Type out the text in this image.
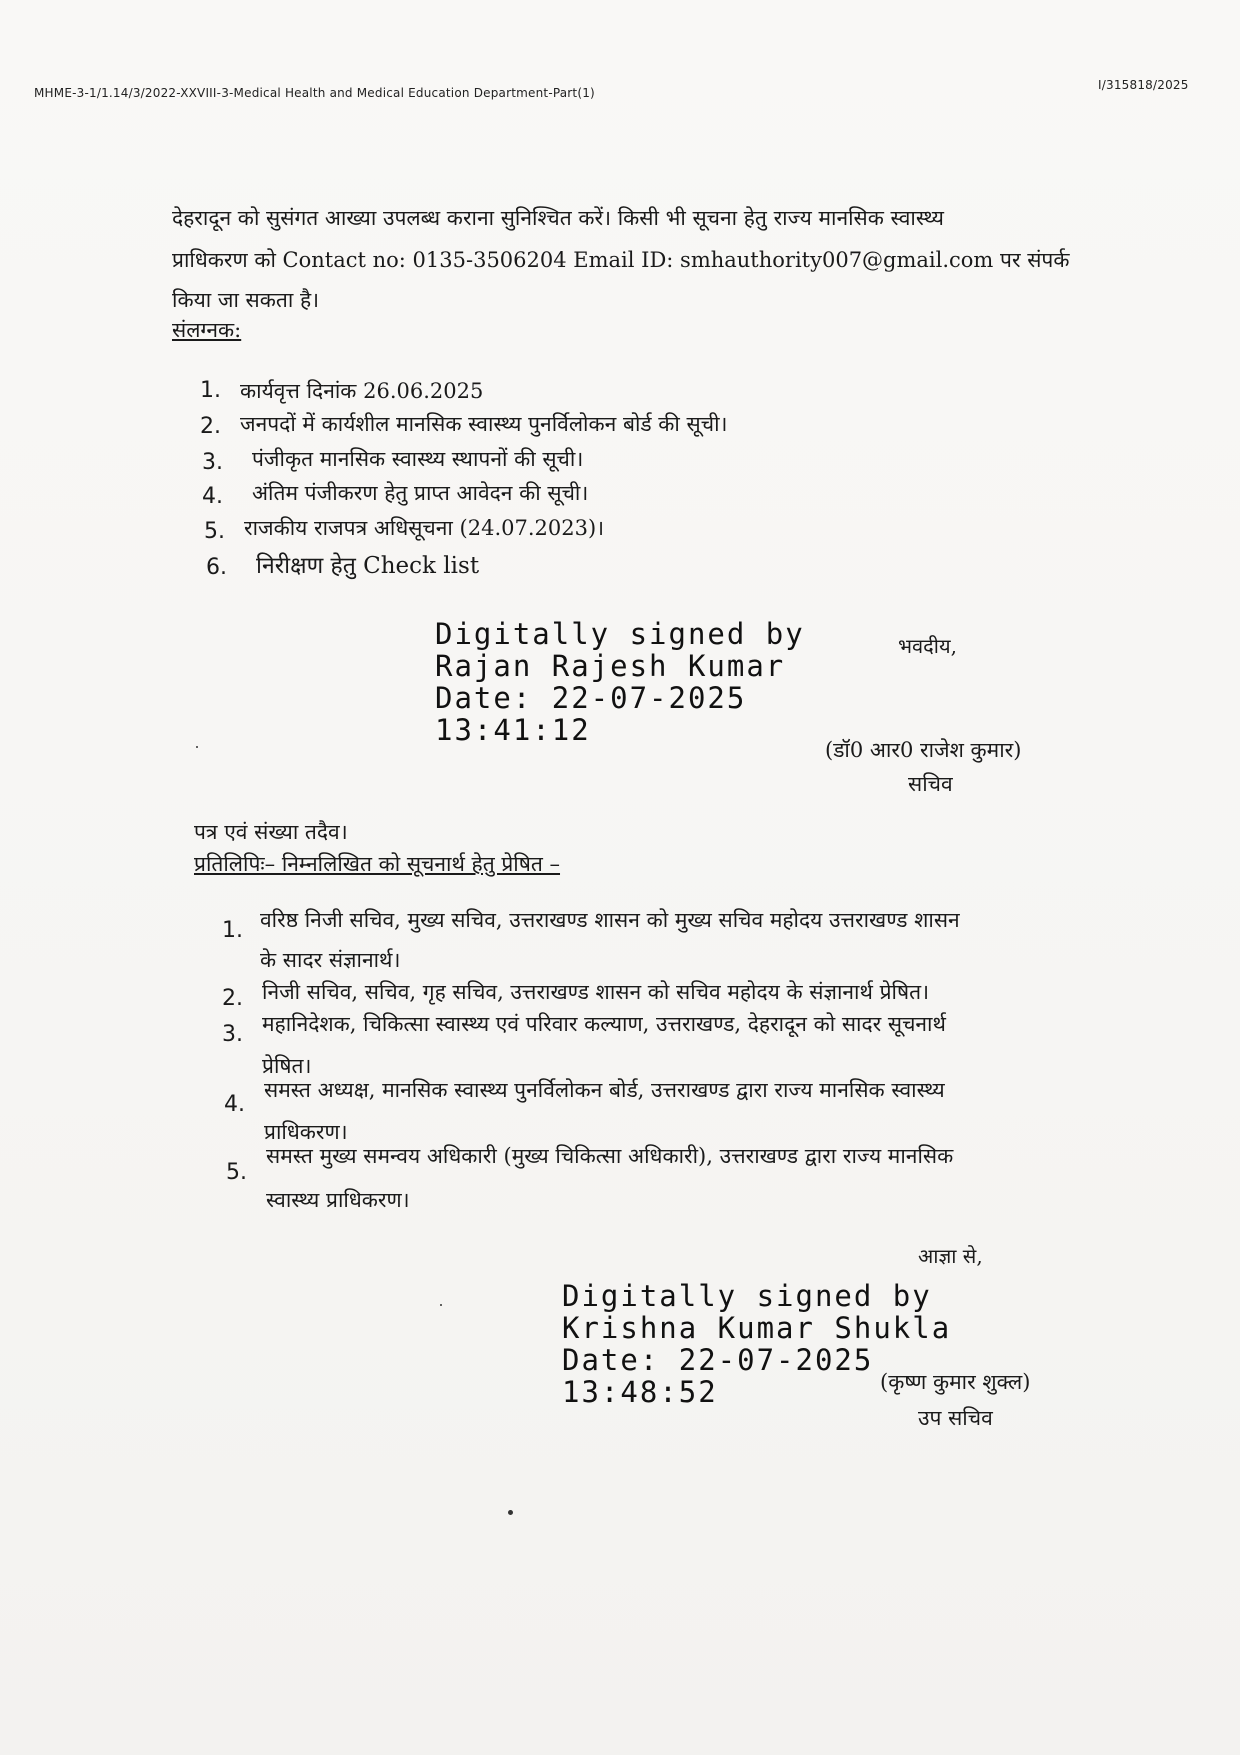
MHME-3-1/1.14/3/2022-XXVIII-3-Medical Health and Medical Education Department-Part(1)
I/315818/2025
देहरादून को सुसंगत आख्या उपलब्ध कराना सुनिश्चित करें। किसी भी सूचना हेतु राज्य मानसिक स्वास्थ्य
प्राधिकरण को Contact no: 0135-3506204 Email ID: smhauthority007@gmail.com पर संपर्क
किया जा सकता है।
संलग्नक:
1. कार्यवृत्त दिनांक 26.06.2025
2. जनपदों में कार्यशील मानसिक स्वास्थ्य पुनर्विलोकन बोर्ड की सूची।
3. पंजीकृत मानसिक स्वास्थ्य स्थापनों की सूची।
4. अंतिम पंजीकरण हेतु प्राप्त आवेदन की सूची।
5. राजकीय राजपत्र अधिसूचना (24.07.2023)।
6. निरीक्षण हेतु Check list
Digitally signed by
Rajan Rajesh Kumar
Date: 22-07-2025
13:41:12
भवदीय,
(डॉ0 आर0 राजेश कुमार)
सचिव
पत्र एवं संख्या तदैव।
प्रतिलिपिः– निम्नलिखित को सूचनार्थ हेतु प्रेषित –
1. वरिष्ठ निजी सचिव, मुख्य सचिव, उत्तराखण्ड शासन को मुख्य सचिव महोदय उत्तराखण्ड शासन
के सादर संज्ञानार्थ।
2. निजी सचिव, सचिव, गृह सचिव, उत्तराखण्ड शासन को सचिव महोदय के संज्ञानार्थ प्रेषित।
3. महानिदेशक, चिकित्सा स्वास्थ्य एवं परिवार कल्याण, उत्तराखण्ड, देहरादून को सादर सूचनार्थ
प्रेषित।
4.
समस्त अध्यक्ष, मानसिक स्वास्थ्य पुनर्विलोकन बोर्ड, उत्तराखण्ड द्वारा राज्य मानसिक स्वास्थ्य
प्राधिकरण।
5.
समस्त मुख्य समन्वय अधिकारी (मुख्य चिकित्सा अधिकारी), उत्तराखण्ड द्वारा राज्य मानसिक
स्वास्थ्य प्राधिकरण।
आज्ञा से,
Digitally signed by
Krishna Kumar Shukla
Date: 22-07-2025
13:48:52	(कृष्ण कुमार शुक्ल)
उप सचिव
